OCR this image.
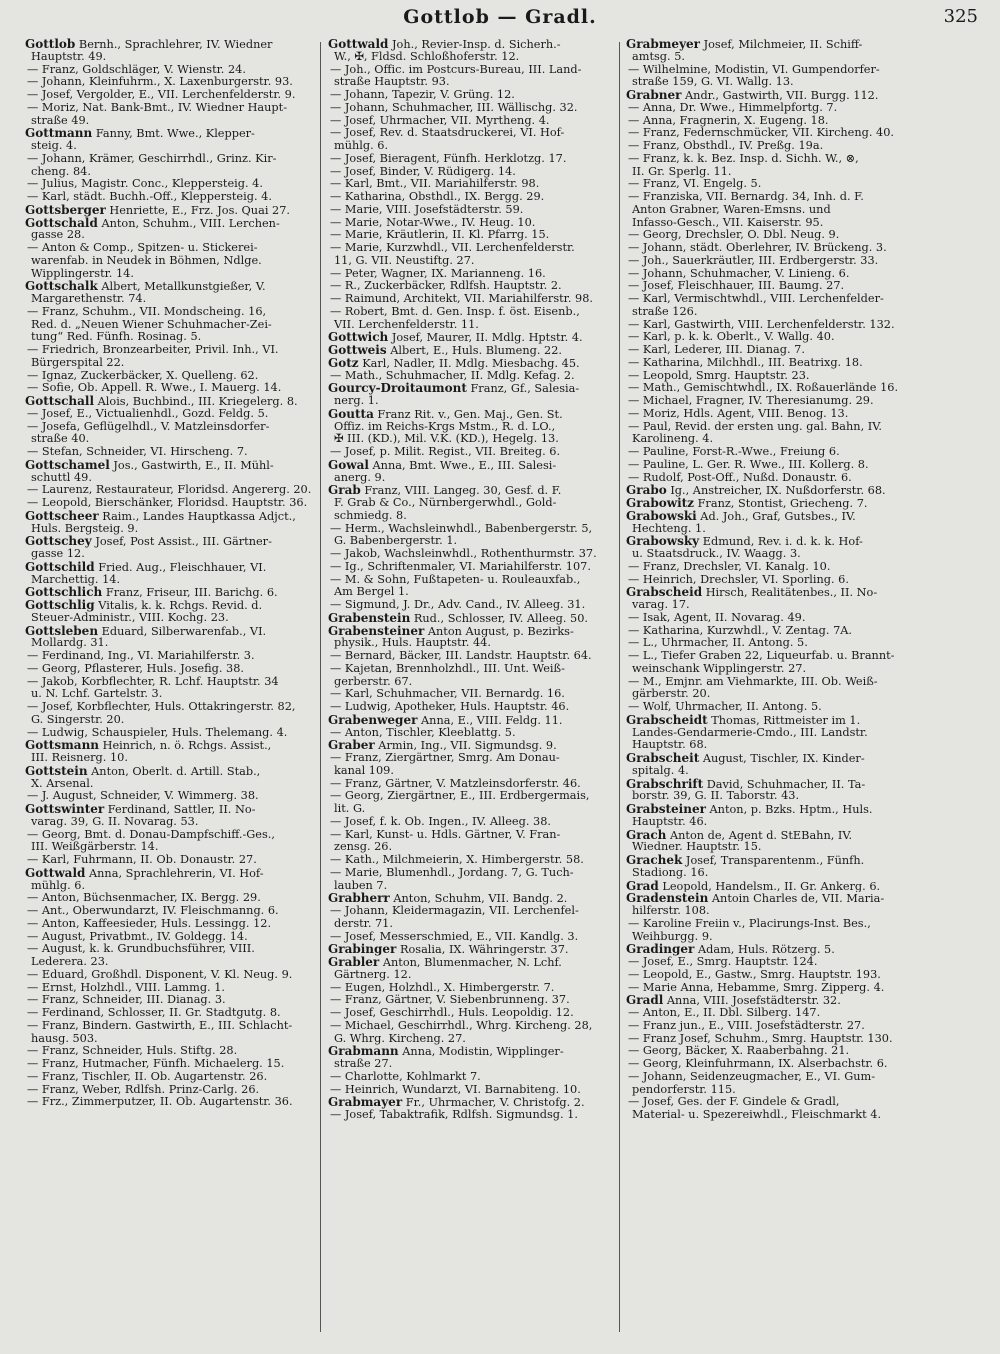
Gottlob — Gradl.	325
Gottlob Bernh., Sprachlehrer, IV. Wiedner
Hauptstr. 49.
— Franz, Goldschläger, V. Wienstr. 24.
— Johann, Kleinfuhrm., X. Laxenburgerstr. 93.
— Josef, Vergolder, E., VII. Lerchenfelderstr. 9.
— Moriz, Nat. Bank-Bmt., IV. Wiedner Haupt-
straße 49.
Gottmann Fanny, Bmt. Wwe., Klepper-
steig. 4.
— Johann, Krämer, Geschirrhdl., Grinz. Kir-
cheng. 84.
— Julius, Magistr. Conc., Kleppersteig. 4.
— Karl, städt. Buchh.-Off., Kleppersteig. 4.
Gottsberger Henriette, E., Frz. Jos. Quai 27.
Gottschald Anton, Schuhm., VIII. Lerchen-
gasse 28.
— Anton & Comp., Spitzen- u. Stickerei-
warenfab. in Neudek in Böhmen, Ndlge.
Wipplingerstr. 14.
Gottschalk Albert, Metallkunstgießer, V.
Margarethenstr. 74.
— Franz, Schuhm., VII. Mondscheing. 16,
Red. d. „Neuen Wiener Schuhmacher-Zei-
tung“ Red. Fünfh. Rosinag. 5.
— Friedrich, Bronzearbeiter, Privil. Inh., VI.
Bürgerspital 22.
— Ignaz, Zuckerbäcker, X. Quelleng. 62.
— Sofie, Ob. Appell. R. Wwe., I. Mauerg. 14.
Gottschall Alois, Buchbind., III. Kriegelerg. 8.
— Josef, E., Victualienhdl., Gozd. Feldg. 5.
— Josefa, Geflügelhdl., V. Matzleinsdorfer-
straße 40.
— Stefan, Schneider, VI. Hirscheng. 7.
Gottschamel Jos., Gastwirth, E., II. Mühl-
schuttl 49.
— Laurenz, Restaurateur, Floridsd. Angererg. 20.
— Leopold, Bierschänker, Floridsd. Hauptstr. 36.
Gottscheer Raim., Landes Hauptkassa Adjct.,
Huls. Bergsteig. 9.
Gottschey Josef, Post Assist., III. Gärtner-
gasse 12.
Gottschild Fried. Aug., Fleischhauer, VI.
Marchettig. 14.
Gottschlich Franz, Friseur, III. Barichg. 6.
Gottschlig Vitalis, k. k. Rchgs. Revid. d.
Steuer-Administr., VIII. Kochg. 23.
Gottsleben Eduard, Silberwarenfab., VI.
Mollardg. 31.
— Ferdinand, Ing., VI. Mariahilferstr. 3.
— Georg, Pflasterer, Huls. Josefig. 38.
— Jakob, Korbflechter, R. Lchf. Hauptstr. 34
u. N. Lchf. Gartelstr. 3.
— Josef, Korbflechter, Huls. Ottakringerstr. 82,
G. Singerstr. 20.
— Ludwig, Schauspieler, Huls. Thelemang. 4.
Gottsmann Heinrich, n. ö. Rchgs. Assist.,
III. Reisnerg. 10.
Gottstein Anton, Oberlt. d. Artill. Stab.,
X. Arsenal.
— J. August, Schneider, V. Wimmerg. 38.
Gottswinter Ferdinand, Sattler, II. No-
varag. 39, G. II. Novarag. 53.
— Georg, Bmt. d. Donau-Dampfschiff.-Ges.,
III. Weißgärberstr. 14.
— Karl, Fuhrmann, II. Ob. Donaustr. 27.
Gottwald Anna, Sprachlehrerin, VI. Hof-
mühlg. 6.
— Anton, Büchsenmacher, IX. Bergg. 29.
— Ant., Oberwundarzt, IV. Fleischmanng. 6.
— Anton, Kaffeesieder, Huls. Lessingg. 12.
— August, Privatbmt., IV. Goldegg. 14.
— August, k. k. Grundbuchsführer, VIII.
Lederera. 23.
— Eduard, Großhdl. Disponent, V. Kl. Neug. 9.
— Ernst, Holzhdl., VIII. Lammg. 1.
— Franz, Schneider, III. Dianag. 3.
— Ferdinand, Schlosser, II. Gr. Stadtgutg. 8.
— Franz, Bindern. Gastwirth, E., III. Schlacht-
hausg. 503.
— Franz, Schneider, Huls. Stiftg. 28.
— Franz, Hutmacher, Fünfh. Michaelerg. 15.
— Franz, Tischler, II. Ob. Augartenstr. 26.
— Franz, Weber, Rdlfsh. Prinz-Carlg. 26.
— Frz., Zimmerputzer, II. Ob. Augartenstr. 36.
Gottwald Joh., Revier-Insp. d. Sicherh.-
W., ✠, Fldsd. Schloßhoferstr. 12.
— Joh., Offic. im Postcurs-Bureau, III. Land-
straße Hauptstr. 93.
— Johann, Tapezir, V. Grüng. 12.
— Johann, Schuhmacher, III. Wällischg. 32.
— Josef, Uhrmacher, VII. Myrtheng. 4.
— Josef, Rev. d. Staatsdruckerei, VI. Hof-
mühlg. 6.
— Josef, Bieragent, Fünfh. Herklotzg. 17.
— Josef, Binder, V. Rüdigerg. 14.
— Karl, Bmt., VII. Mariahilferstr. 98.
— Katharina, Obsthdl., IX. Bergg. 29.
— Marie, VIII. Josefstädterstr. 59.
— Marie, Notar-Wwe., IV. Heug. 10.
— Marie, Kräutlerin, II. Kl. Pfarrg. 15.
— Marie, Kurzwhdl., VII. Lerchenfelderstr.
11, G. VII. Neustiftg. 27.
— Peter, Wagner, IX. Marianneng. 16.
— R., Zuckerbäcker, Rdlfsh. Hauptstr. 2.
— Raimund, Architekt, VII. Mariahilferstr. 98.
— Robert, Bmt. d. Gen. Insp. f. öst. Eisenb.,
VII. Lerchenfelderstr. 11.
Gottwich Josef, Maurer, II. Mdlg. Hptstr. 4.
Gottweis Albert, E., Huls. Blumeng. 22.
Gotz Karl, Nadler, II. Mdlg. Miesbachg. 45.
— Math., Schuhmacher, II. Mdlg. Kefag. 2.
Gourcy-Droitaumont Franz, Gf., Salesia-
nerg. 1.
Goutta Franz Rit. v., Gen. Maj., Gen. St.
Offiz. im Reichs-Krgs Mstm., R. d. LO.,
✠ III. (KD.), Mil. V.K. (KD.), Hegelg. 13.
— Josef, p. Milit. Regist., VII. Breiteg. 6.
Gowal Anna, Bmt. Wwe., E., III. Salesi-
anerg. 9.
Grab Franz, VIII. Langeg. 30, Gesf. d. F.
F. Grab & Co., Nürnbergerwhdl., Gold-
schmiedg. 8.
— Herm., Wachsleinwhdl., Babenbergerstr. 5,
G. Babenbergerstr. 1.
— Jakob, Wachsleinwhdl., Rothenthurmstr. 37.
— Ig., Schriftenmaler, VI. Mariahilferstr. 107.
— M. & Sohn, Fußtapeten- u. Rouleauxfab.,
Am Bergel 1.
— Sigmund, J. Dr., Adv. Cand., IV. Alleeg. 31.
Grabenstein Rud., Schlosser, IV. Alleeg. 50.
Grabensteiner Anton August, p. Bezirks-
physik., Huls. Hauptstr. 44.
— Bernard, Bäcker, III. Landstr. Hauptstr. 64.
— Kajetan, Brennholzhdl., III. Unt. Weiß-
gerberstr. 67.
— Karl, Schuhmacher, VII. Bernardg. 16.
— Ludwig, Apotheker, Huls. Hauptstr. 46.
Grabenweger Anna, E., VIII. Feldg. 11.
— Anton, Tischler, Kleeblattg. 5.
Graber Armin, Ing., VII. Sigmundsg. 9.
— Franz, Ziergärtner, Smrg. Am Donau-
kanal 109.
— Franz, Gärtner, V. Matzleinsdorferstr. 46.
— Georg, Ziergärtner, E., III. Erdbergermais,
lit. G.
— Josef, f. k. Ob. Ingen., IV. Alleeg. 38.
— Karl, Kunst- u. Hdls. Gärtner, V. Fran-
zensg. 26.
— Kath., Milchmeierin, X. Himbergerstr. 58.
— Marie, Blumenhdl., Jordang. 7, G. Tuch-
lauben 7.
Grabherr Anton, Schuhm, VII. Bandg. 2.
— Johann, Kleidermagazin, VII. Lerchenfel-
derstr. 71.
— Josef, Messerschmied, E., VII. Kandlg. 3.
Grabinger Rosalia, IX. Währingerstr. 37.
Grabler Anton, Blumenmacher, N. Lchf.
Gärtnerg. 12.
— Eugen, Holzhdl., X. Himbergerstr. 7.
— Franz, Gärtner, V. Siebenbrunneng. 37.
— Josef, Geschirrhdl., Huls. Leopoldig. 12.
— Michael, Geschirrhdl., Whrg. Kircheng. 28,
G. Whrg. Kircheng. 27.
Grabmann Anna, Modistin, Wipplinger-
straße 27.
— Charlotte, Kohlmarkt 7.
— Heinrich, Wundarzt, VI. Barnabiteng. 10.
Grabmayer Fr., Uhrmacher, V. Christofg. 2.
— Josef, Tabaktrafik, Rdlfsh. Sigmundsg. 1.
Grabmeyer Josef, Milchmeier, II. Schiff-
amtsg. 5.
— Wilhelmine, Modistin, VI. Gumpendorfer-
straße 159, G. VI. Wallg. 13.
Grabner Andr., Gastwirth, VII. Burgg. 112.
— Anna, Dr. Wwe., Himmelpfortg. 7.
— Anna, Fragnerin, X. Eugeng. 18.
— Franz, Federnschmücker, VII. Kircheng. 40.
— Franz, Obsthdl., IV. Preßg. 19a.
— Franz, k. k. Bez. Insp. d. Sichh. W., ⊗,
II. Gr. Sperlg. 11.
— Franz, VI. Engelg. 5.
— Franziska, VII. Bernardg. 34, Inh. d. F.
Anton Grabner, Waren-Emsns. und
Infasso-Gesch., VII. Kaiserstr. 95.
— Georg, Drechsler, O. Dbl. Neug. 9.
— Johann, städt. Oberlehrer, IV. Brückeng. 3.
— Joh., Sauerkräutler, III. Erdbergerstr. 33.
— Johann, Schuhmacher, V. Linieng. 6.
— Josef, Fleischhauer, III. Baumg. 27.
— Karl, Vermischtwhdl., VIII. Lerchenfelder-
straße 126.
— Karl, Gastwirth, VIII. Lerchenfelderstr. 132.
— Karl, p. k. k. Oberlt., V. Wallg. 40.
— Karl, Lederer, III. Dianag. 7.
— Katharina, Milchhdl., III. Beatrixg. 18.
— Leopold, Smrg. Hauptstr. 23.
— Math., Gemischtwhdl., IX. Roßauerlände 16.
— Michael, Fragner, IV. Theresianumg. 29.
— Moriz, Hdls. Agent, VIII. Benog. 13.
— Paul, Revid. der ersten ung. gal. Bahn, IV.
Karolineng. 4.
— Pauline, Forst-R.-Wwe., Freiung 6.
— Pauline, L. Ger. R. Wwe., III. Kollerg. 8.
— Rudolf, Post-Off., Nußd. Donaustr. 6.
Grabo Ig., Anstreicher, IX. Nußdorferstr. 68.
Grabowitz Franz, Stontist, Griecheng. 7.
Grabowski Ad. Joh., Graf, Gutsbes., IV.
Hechteng. 1.
Grabowsky Edmund, Rev. i. d. k. k. Hof-
u. Staatsdruck., IV. Waagg. 3.
— Franz, Drechsler, VI. Kanalg. 10.
— Heinrich, Drechsler, VI. Sporling. 6.
Grabscheid Hirsch, Realitätenbes., II. No-
varag. 17.
— Isak, Agent, II. Novarag. 49.
— Katharina, Kurzwhdl., V. Zentag. 7A.
— L., Uhrmacher, II. Antong. 5.
— L., Tiefer Graben 22, Liqueurfab. u. Brannt-
weinschank Wipplingerstr. 27.
— M., Emjnr. am Viehmarkte, III. Ob. Weiß-
gärberstr. 20.
— Wolf, Uhrmacher, II. Antong. 5.
Grabscheidt Thomas, Rittmeister im 1.
Landes-Gendarmerie-Cmdo., III. Landstr.
Hauptstr. 68.
Grabscheit August, Tischler, IX. Kinder-
spitalg. 4.
Grabschrift David, Schuhmacher, II. Ta-
borstr. 39, G. II. Taborstr. 43.
Grabsteiner Anton, p. Bzks. Hptm., Huls.
Hauptstr. 46.
Grach Anton de, Agent d. StEBahn, IV.
Wiedner. Hauptstr. 15.
Grachek Josef, Transparentenm., Fünfh.
Stadiong. 16.
Grad Leopold, Handelsm., II. Gr. Ankerg. 6.
Gradenstein Antoin Charles de, VII. Maria-
hilferstr. 108.
— Karoline Freiin v., Placirungs-Inst. Bes.,
Weihburgg. 9.
Gradinger Adam, Huls. Rötzerg. 5.
— Josef, E., Smrg. Hauptstr. 124.
— Leopold, E., Gastw., Smrg. Hauptstr. 193.
— Marie Anna, Hebamme, Smrg. Zipperg. 4.
Gradl Anna, VIII. Josefstädterstr. 32.
— Anton, E., II. Dbl. Silberg. 147.
— Franz jun., E., VIII. Josefstädterstr. 27.
— Franz Josef, Schuhm., Smrg. Hauptstr. 130.
— Georg, Bäcker, X. Raaberbahng. 21.
— Georg, Kleinfuhrmann, IX. Alserbachstr. 6.
— Johann, Seidenzeugmacher, E., VI. Gum-
pendorferstr. 115.
— Josef, Ges. der F. Gindele & Gradl,
Material- u. Spezereiwhdl., Fleischmarkt 4.
